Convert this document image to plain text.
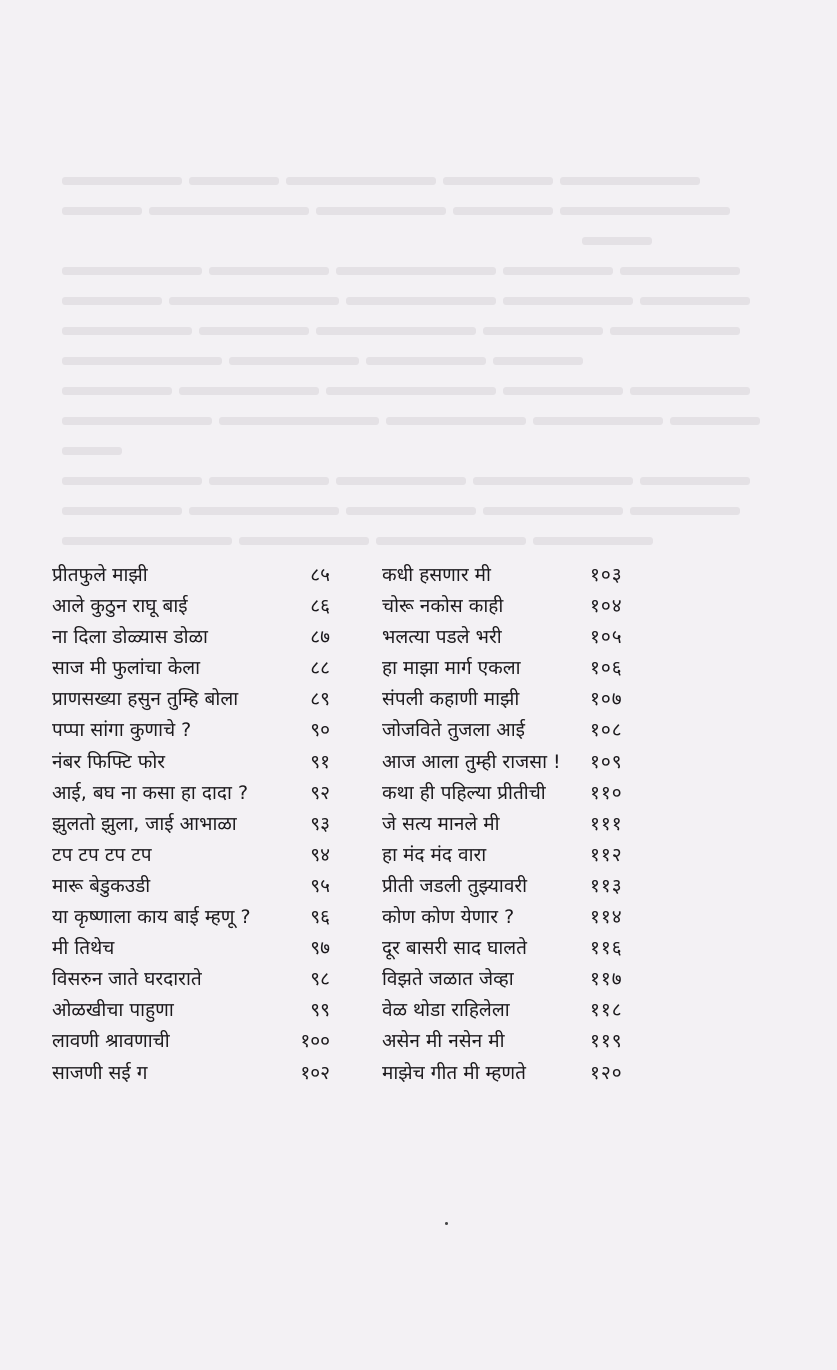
प्रीतफुले माझी	८५	कधी हसणार मी	१०३
आले कुठुन राघू बाई	८६	चोरू नकोस काही	१०४
ना दिला डोळ्यास डोळा	८७	भलत्या पडले भरी	१०५
साज मी फुलांचा केला	८८	हा माझा मार्ग एकला	१०६
प्राणसख्या हसुन तुम्हि बोला	८९	संपली कहाणी माझी	१०७
पप्पा सांगा कुणाचे ?	९०	जोजविते तुजला आई	१०८
नंबर फिफ्टि फोर	९१	आज आला तुम्ही राजसा ! १०९
आई, बघ ना कसा हा दादा ?	९२	कथा ही पहिल्या प्रीतीची ११०
झुलतो झुला, जाई आभाळा	९३	जे सत्य मानले मी	१११
टप टप टप टप	९४	हा मंद मंद वारा	११२
मारू बेडुकउडी	९५	प्रीती जडली तुझ्यावरी	११३
या कृष्णाला काय बाई म्हणू ?	९६	कोण कोण येणार ?	११४
मी तिथेच	९७	दूर बासरी साद घालते	११६
विसरुन जाते घरदाराते	९८	विझते जळात जेव्हा	११७
ओळखीचा पाहुणा	९९	वेळ थोडा राहिलेला	११८
लावणी श्रावणाची	१००	असेन मी नसेन मी	११९
साजणी सई ग	१०२	माझेच गीत मी म्हणते	१२०
